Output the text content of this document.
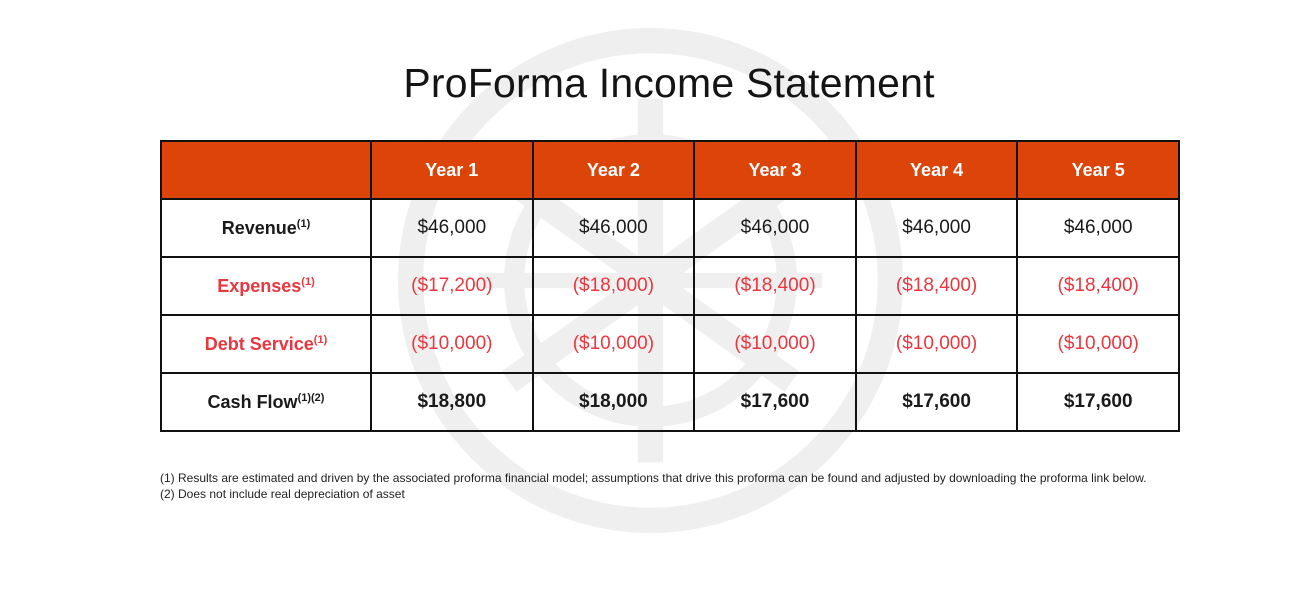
ProForma Income Statement
	Year 1	Year 2	Year 3	Year 4	Year 5
Revenue$^{(1)}$	$46,000	$46,000	$46,000	$46,000	$46,000
Expenses$^{(1)}$	($17,200)	($18,000)	($18,400)	($18,400)	($18,400)
Debt Service$^{(1)}$	($10,000)	($10,000)	($10,000)	($10,000)	($10,000)
Cash Flow$^{(1)(2)}$	$18,800	$18,000	$17,600	$17,600	$17,600
(1) Results are estimated and driven by the associated proforma financial model; assumptions that drive this proforma can be found and adjusted by downloading the proforma link below.
(2) Does not include real depreciation of asset
